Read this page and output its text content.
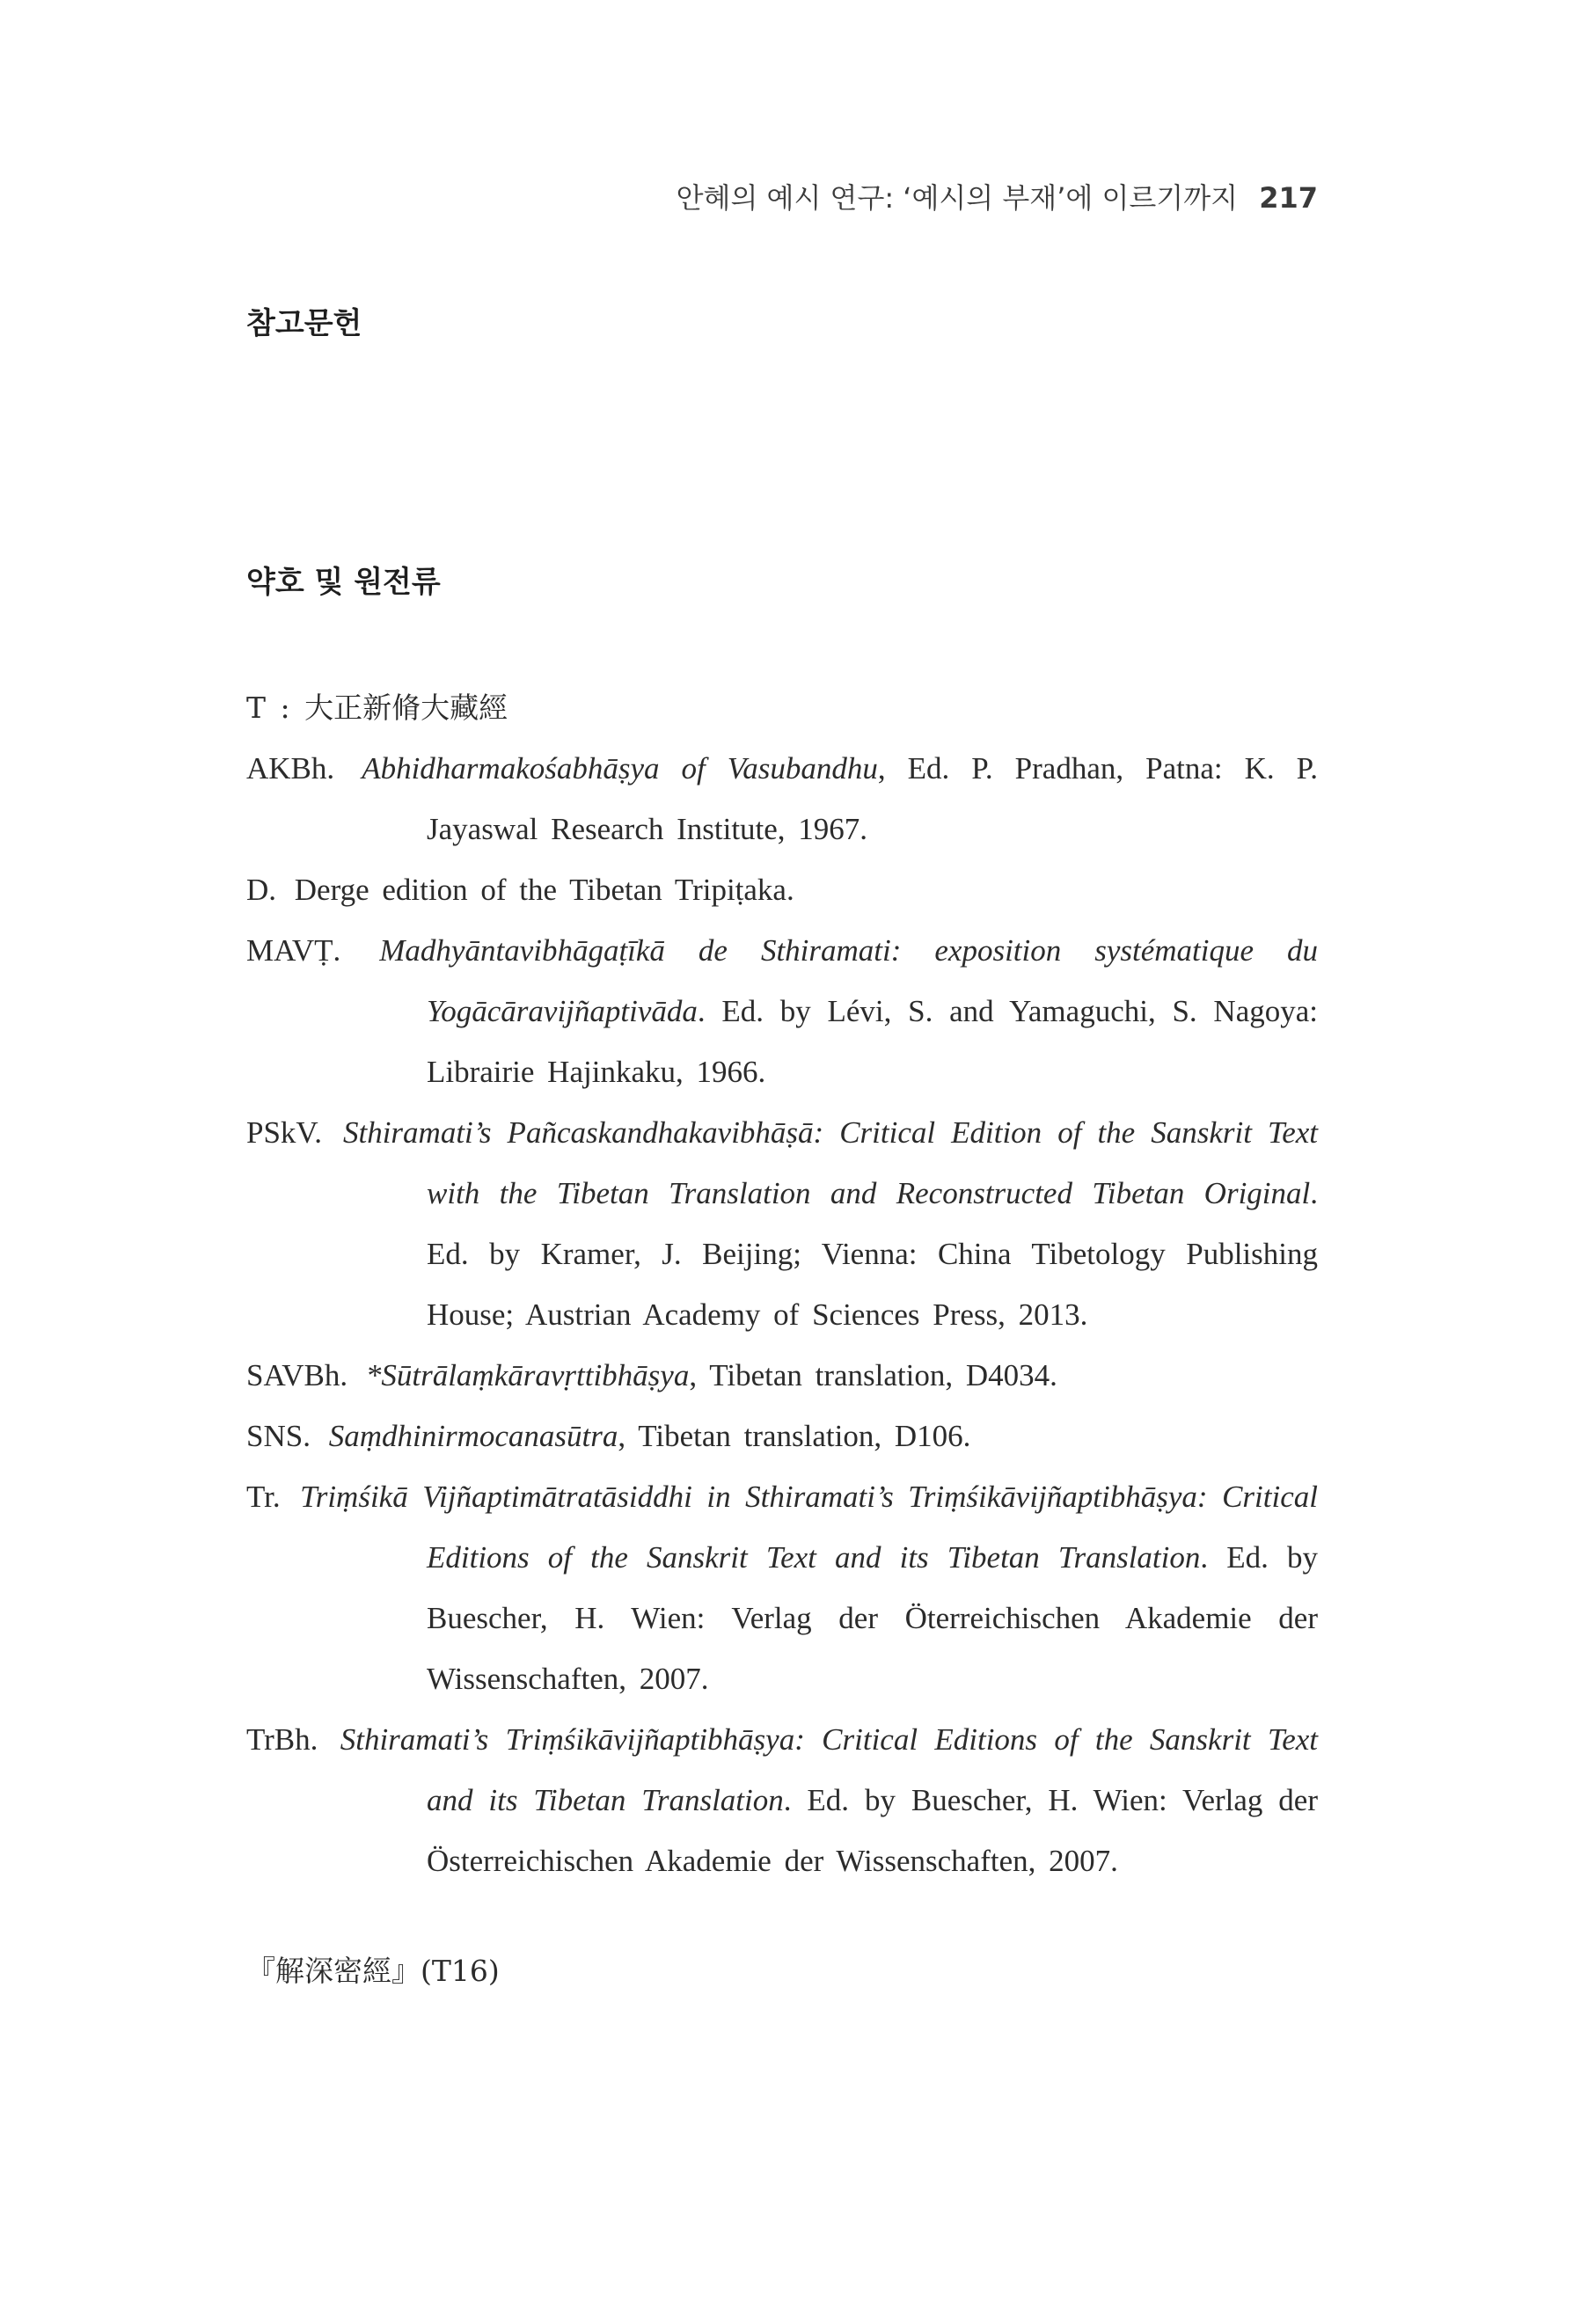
안혜의 예시 연구: ‘예시의 부재’에 이르기까지 217
참고문헌
약호 및 원전류
T : 大正新脩大藏經
AKBh. Abhidharmakośabhāṣya of Vasubandhu, Ed. P. Pradhan, Patna: K. P. Jayaswal Research Institute, 1967.
D. Derge edition of the Tibetan Tripiṭaka.
MAVṬ. Madhyāntavibhāgaṭīkā de Sthiramati: exposition systématique du Yogācāravijñaptivāda. Ed. by Lévi, S. and Yamaguchi, S. Nagoya: Librairie Hajinkaku, 1966.
PSkV. Sthiramati’s Pañcaskandhakavibhāṣā: Critical Edition of the Sanskrit Text with the Tibetan Translation and Reconstructed Tibetan Original. Ed. by Kramer, J. Beijing; Vienna: China Tibetology Publishing House; Austrian Academy of Sciences Press, 2013.
SAVBh. *Sūtrālaṃkāravṛttibhāṣya, Tibetan translation, D4034.
SNS. Saṃdhinirmocanasūtra, Tibetan translation, D106.
Tr. Triṃśikā Vijñaptimātratāsiddhi in Sthiramati’s Triṃśikāvijñaptibhāṣya: Critical Editions of the Sanskrit Text and its Tibetan Translation. Ed. by Buescher, H. Wien: Verlag der Öterreichischen Akademie der Wissenschaften, 2007.
TrBh. Sthiramati’s Triṃśikāvijñaptibhāṣya: Critical Editions of the Sanskrit Text and its Tibetan Translation. Ed. by Buescher, H. Wien: Verlag der Österreichischen Akademie der Wissenschaften, 2007.
『解深密經』(T16)
